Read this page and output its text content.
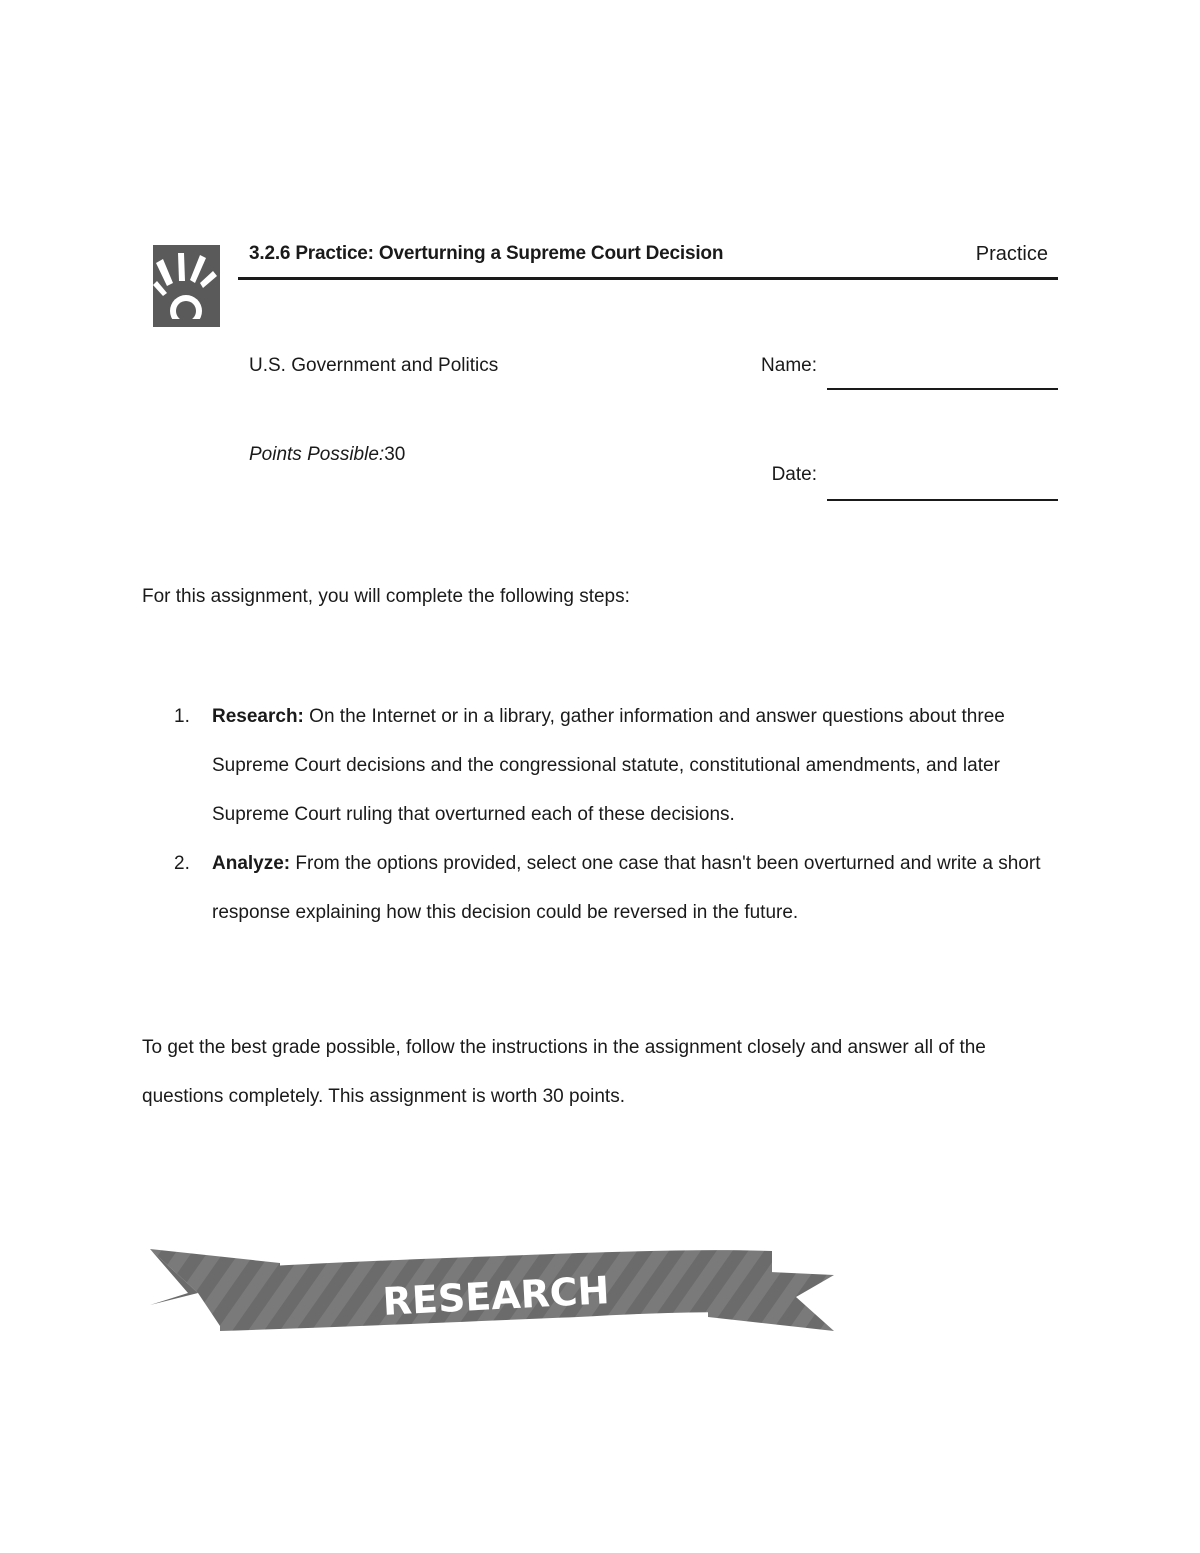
3.2.6 Practice: Overturning a Supreme Court Decision	Practice
U.S. Government and Politics
Points Possible:30
Name:
Date:
For this assignment, you will complete the following steps:
1. Research: On the Internet or in a library, gather information and answer questions about three Supreme Court decisions and the congressional statute, constitutional amendments, and later Supreme Court ruling that overturned each of these decisions.
2. Analyze: From the options provided, select one case that hasn't been overturned and write a short response explaining how this decision could be reversed in the future.
To get the best grade possible, follow the instructions in the assignment closely and answer all of the questions completely. This assignment is worth 30 points.
RESEARCH
